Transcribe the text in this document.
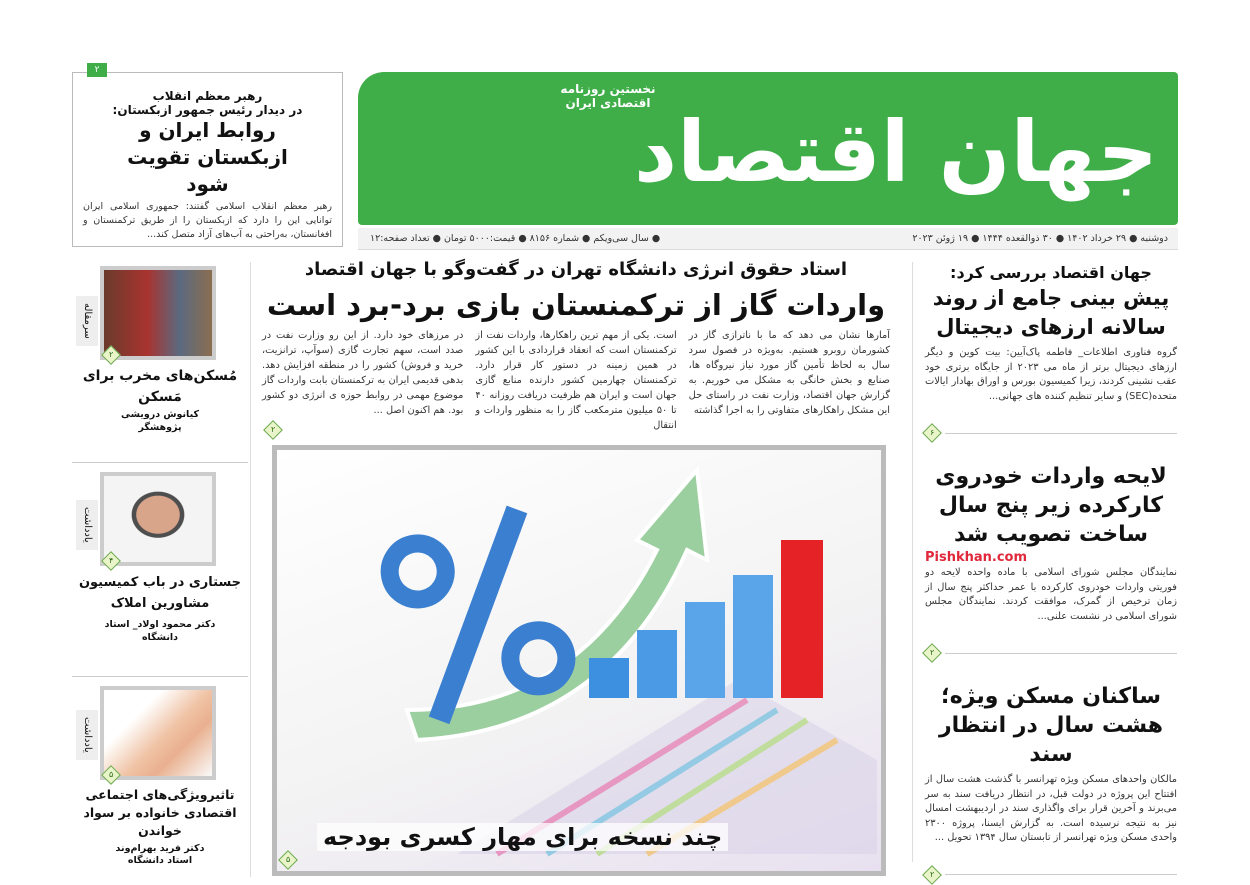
۲
رهبر معظم انقلاب
در دیدار رئیس جمهور ازبکستان:
روابط ایران و ازبکستان تقویت شود
رهبر معظم انقلاب اسلامی گفتند: جمهوری اسلامی ایران توانایی این را دارد که ازبکستان را از طریق ترکمنستان و افغانستان، به‌راحتی به آب‌های آزاد متصل کند...
جهان اقتصاد
نخستین روزنامه
اقتصادی ایران
دوشنبه ● ۲۹ خرداد ۱۴۰۲ ● ۳۰ ذوالقعده ۱۴۴۴ ● ۱۹ ژوئن ۲۰۲۳
● سال سی‌ویکم ● شماره ۸۱۵۶ ● قیمت:۵۰۰۰ تومان ● تعداد صفحه:۱۲
استاد حقوق انرژی دانشگاه تهران در گفت‌وگو با جهان اقتصاد
واردات گاز از ترکمنستان بازی برد-برد است
آمارها نشان می دهد که ما با ناترازی گاز در کشورمان روبرو هستیم. به‌ویژه در فصول سرد سال به لحاظ تأمین گاز مورد نیاز نیروگاه ها، صنایع و بخش خانگی به مشکل می خوریم. به گزارش جهان اقتصاد، وزارت نفت در راستای حل این مشکل راهکارهای متفاوتی را به اجرا گذاشته
است. یکی از مهم ترین راهکارها، واردات نفت از ترکمنستان است که انعقاد قراردادی با این کشور در همین زمینه در دستور کار قرار دارد. ترکمنستان چهارمین کشور دارنده منابع گازی جهان است و ایران هم ظرفیت دریافت روزانه ۴۰ تا ۵۰ میلیون مترمکعب گاز را به منظور واردات و انتقال
در مرزهای خود دارد. از این رو وزارت نفت در صدد است، سهم تجارت گازی (سوآپ، ترانزیت، خرید و فروش) کشور را در منطقه افزایش دهد. بدهی قدیمی ایران به ترکمنستان بابت واردات گاز موضوع مهمی در روابط حوزه ی انرژی دو کشور بود. هم اکنون اصل ...
۲
چند نسخه برای مهار کسری بودجه
۵
جهان اقتصاد بررسی کرد:
پیش بینی جامع از روند سالانه ارزهای دیجیتال
گروه فناوری اطلاعات_ فاطمه پاک‌آیین: بیت کوین و دیگر ارزهای دیجیتال برتر از ماه می ۲۰۲۳ از جایگاه برتری خود عقب نشینی کردند، زیرا کمیسیون بورس و اوراق بهادار ایالات متحده(SEC) و سایر تنظیم کننده های جهانی...
۶
لایحه واردات خودروی کارکرده زیر پنج سال ساخت تصویب شد
Pishkhan.com
نمایندگان مجلس شورای اسلامی با ماده واحده لایحه دو فوریتی واردات خودروی کارکرده با عمر حداکثر پنج سال از زمان ترخیص از گمرک، موافقت کردند. نمایندگان مجلس شورای اسلامی در نشست علنی...
۲
ساکنان مسکن ویژه؛ هشت سال در انتظار سند
مالکان واحدهای مسکن ویژه تهرانسر با گذشت هشت سال از افتتاح این پروژه در دولت قبل، در انتظار دریافت سند به سر می‌برند و آخرین قرار برای واگذاری سند در اردیبهشت امسال نیز به نتیجه نرسیده است. به گزارش ایسنا، پروژه ۲۳۰۰ واحدی مسکن ویژه تهرانسر از تابستان سال ۱۳۹۴ تحویل ...
۲
سرمقاله
۲
مُسکن‌های مخرب برای مَسکن
کیانوش درویشی
پژوهشگر
یادداشت
۴
جستاری در باب کمیسیون مشاورین املاک
دکتر محمود اولاد_ استاد
دانشگاه
یادداشت
۵
تاثیرویژگی‌های اجتماعی اقتصادی خانواده بر سواد خواندن
دکتر فرید بهرام‌وند
استاد دانشگاه
